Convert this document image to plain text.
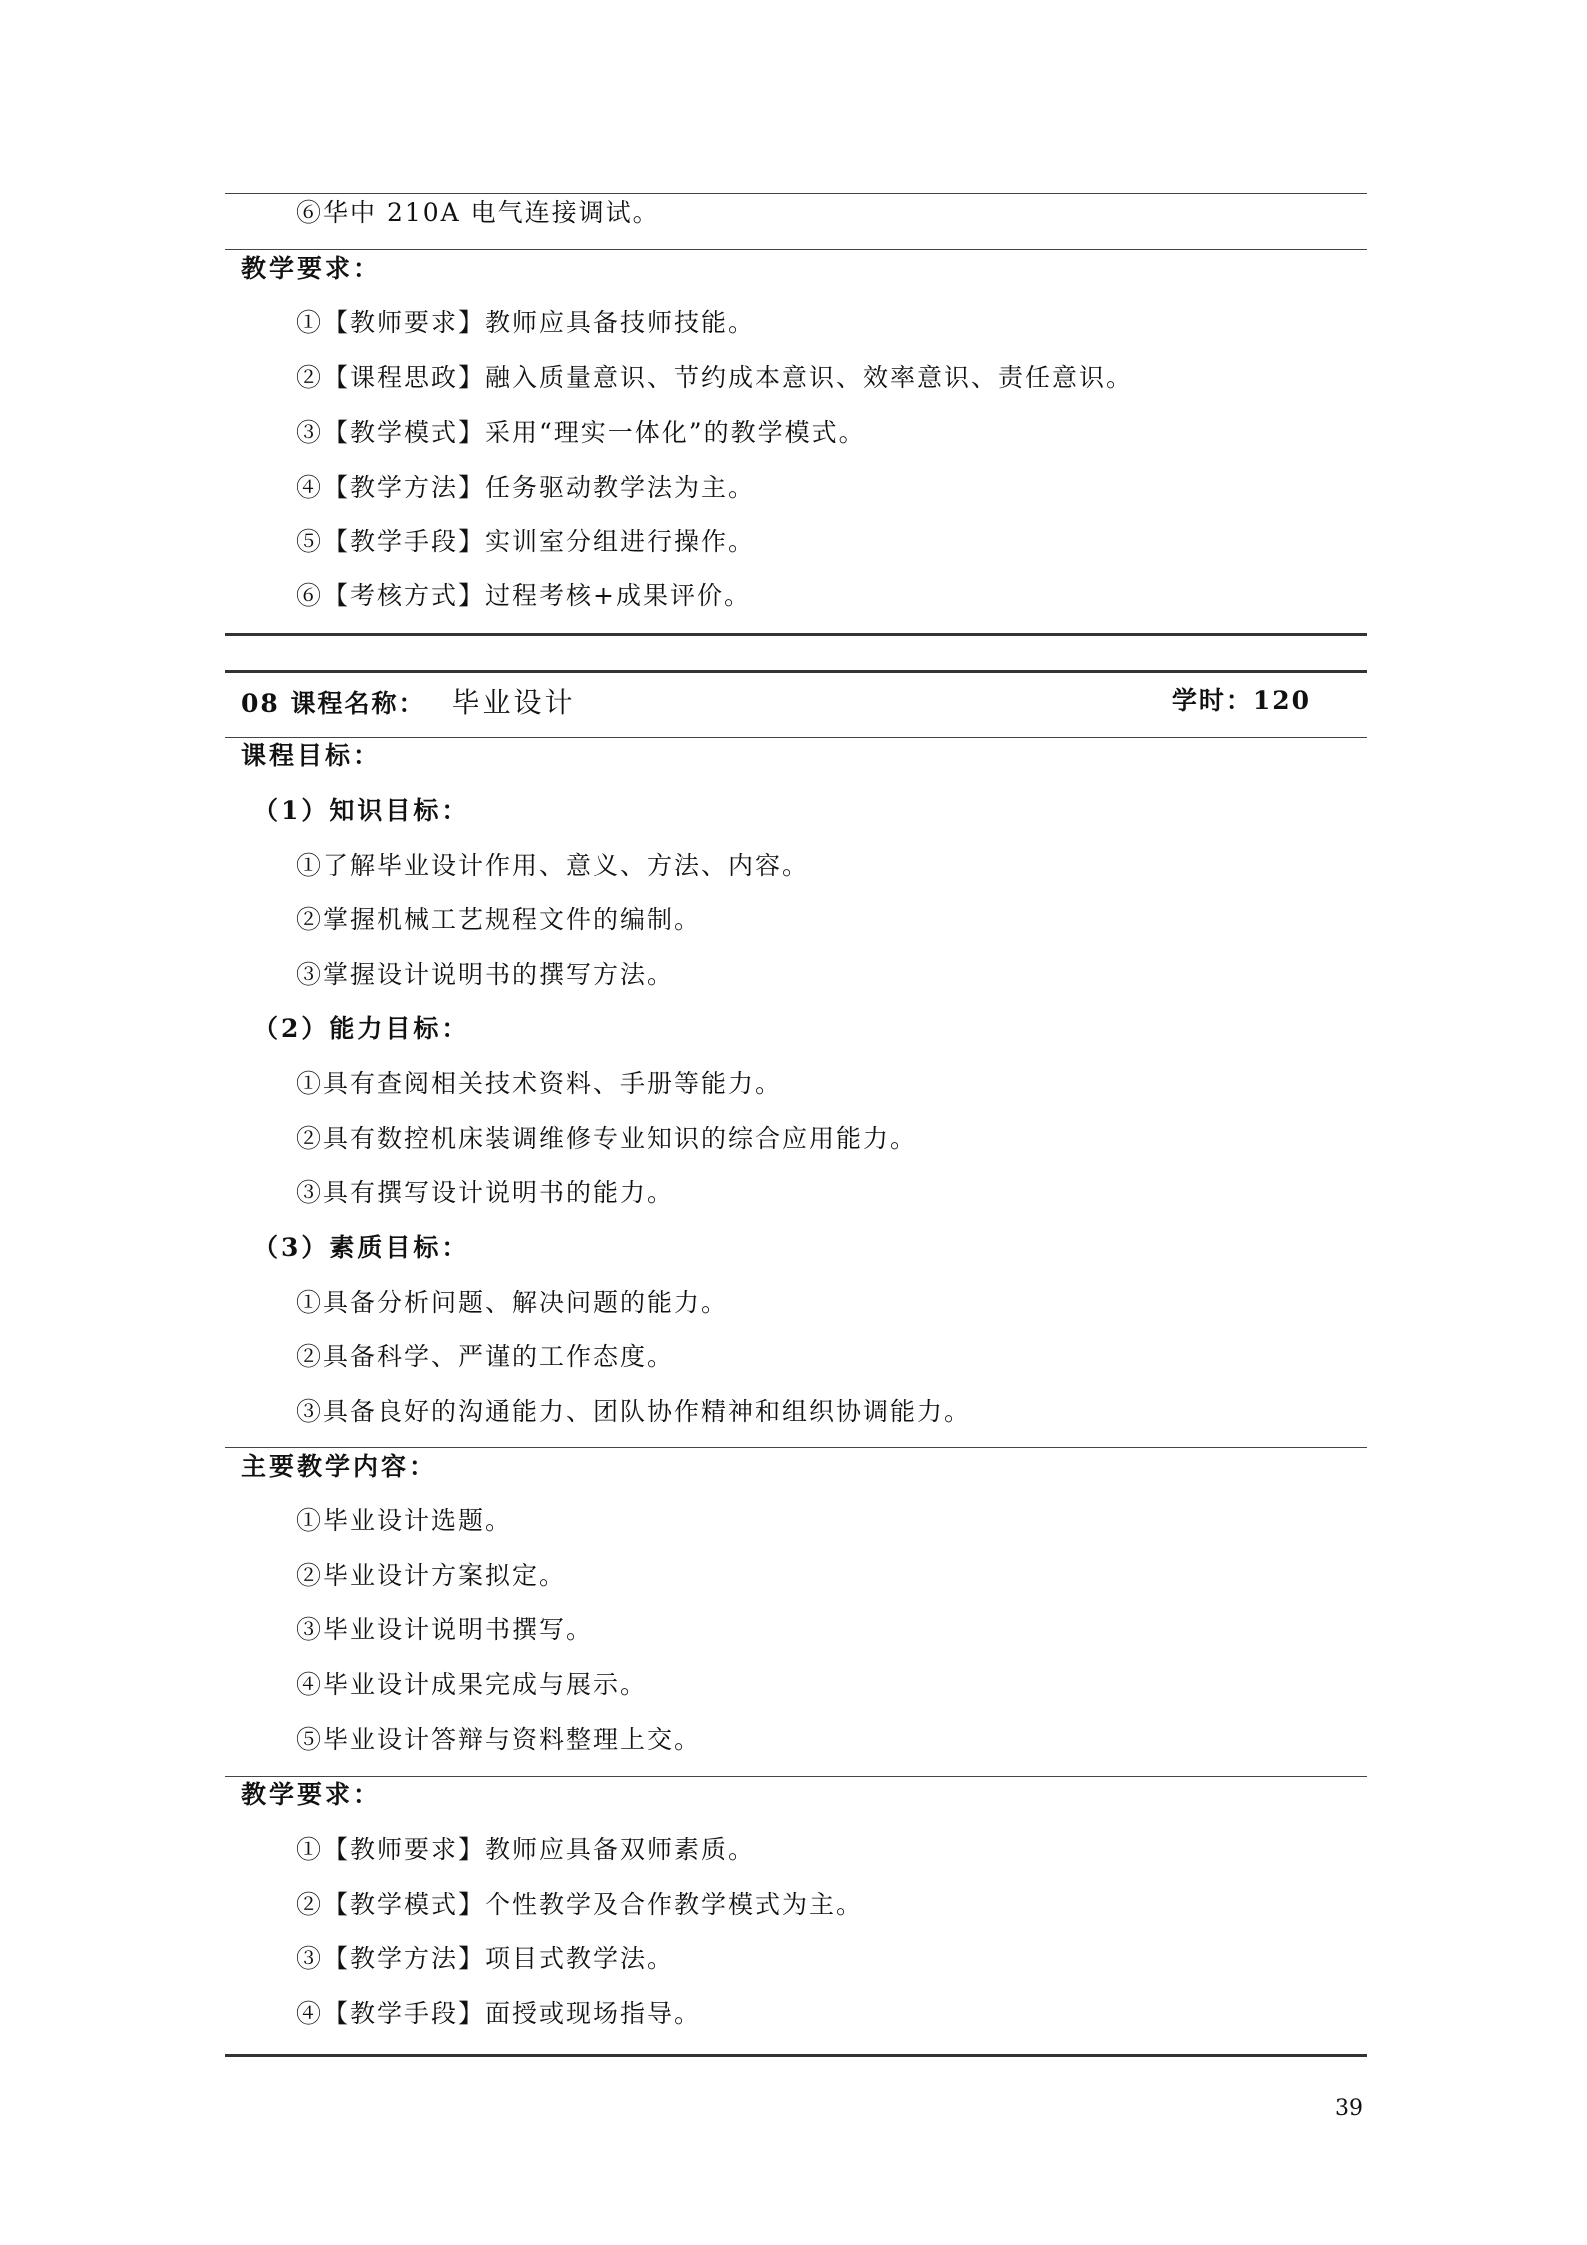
⑥华中 210A 电气连接调试。
教学要求：
①【教师要求】教师应具备技师技能。
②【课程思政】融入质量意识、节约成本意识、效率意识、责任意识。
③【教学模式】采用“理实一体化”的教学模式。
④【教学方法】任务驱动教学法为主。
⑤【教学手段】实训室分组进行操作。
⑥【考核方式】过程考核+成果评价。
08 课程名称： 毕业设计	学时：120
课程目标：
（1）知识目标：
①了解毕业设计作用、意义、方法、内容。
②掌握机械工艺规程文件的编制。
③掌握设计说明书的撰写方法。
（2）能力目标：
①具有查阅相关技术资料、手册等能力。
②具有数控机床装调维修专业知识的综合应用能力。
③具有撰写设计说明书的能力。
（3）素质目标：
①具备分析问题、解决问题的能力。
②具备科学、严谨的工作态度。
③具备良好的沟通能力、团队协作精神和组织协调能力。
主要教学内容：
①毕业设计选题。
②毕业设计方案拟定。
③毕业设计说明书撰写。
④毕业设计成果完成与展示。
⑤毕业设计答辩与资料整理上交。
教学要求：
①【教师要求】教师应具备双师素质。
②【教学模式】个性教学及合作教学模式为主。
③【教学方法】项目式教学法。
④【教学手段】面授或现场指导。
39
